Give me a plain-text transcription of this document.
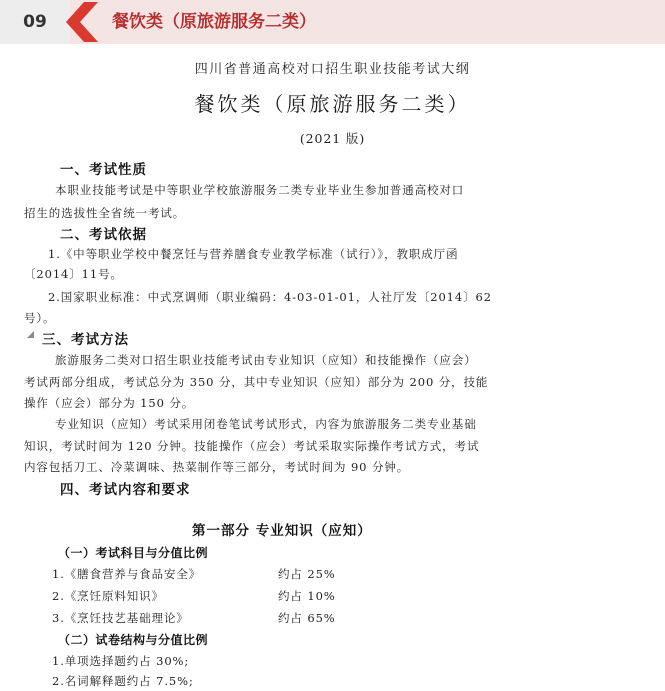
09	餐饮类（原旅游服务二类）
四川省普通高校对口招生职业技能考试大纲
餐饮类（原旅游服务二类）
(2021 版)
一、考试性质
本职业技能考试是中等职业学校旅游服务二类专业毕业生参加普通高校对口
招生的选拔性全省统一考试。
二、考试依据
1.《中等职业学校中餐烹饪与营养膳食专业教学标准（试行）》，教职成厅函
〔2014〕11号。
2.国家职业标准：中式烹调师（职业编码：4-03-01-01，人社厅发〔2014〕62
号）。
三、考试方法
旅游服务二类对口招生职业技能考试由专业知识（应知）和技能操作（应会）
考试两部分组成，考试总分为 350 分，其中专业知识（应知）部分为 200 分，技能
操作（应会）部分为 150 分。
专业知识（应知）考试采用闭卷笔试考试形式，内容为旅游服务二类专业基础
知识，考试时间为 120 分钟。技能操作（应会）考试采取实际操作考试方式，考试
内容包括刀工、冷菜调味、热菜制作等三部分，考试时间为 90 分钟。
四、考试内容和要求
第一部分 专业知识（应知）
（一）考试科目与分值比例
1.《膳食营养与食品安全》	约占 25%
2.《烹饪原料知识》	约占 10%
3.《烹饪技艺基础理论》	约占 65%
（二）试卷结构与分值比例
1.单项选择题约占 30%;
2.名词解释题约占 7.5%;
